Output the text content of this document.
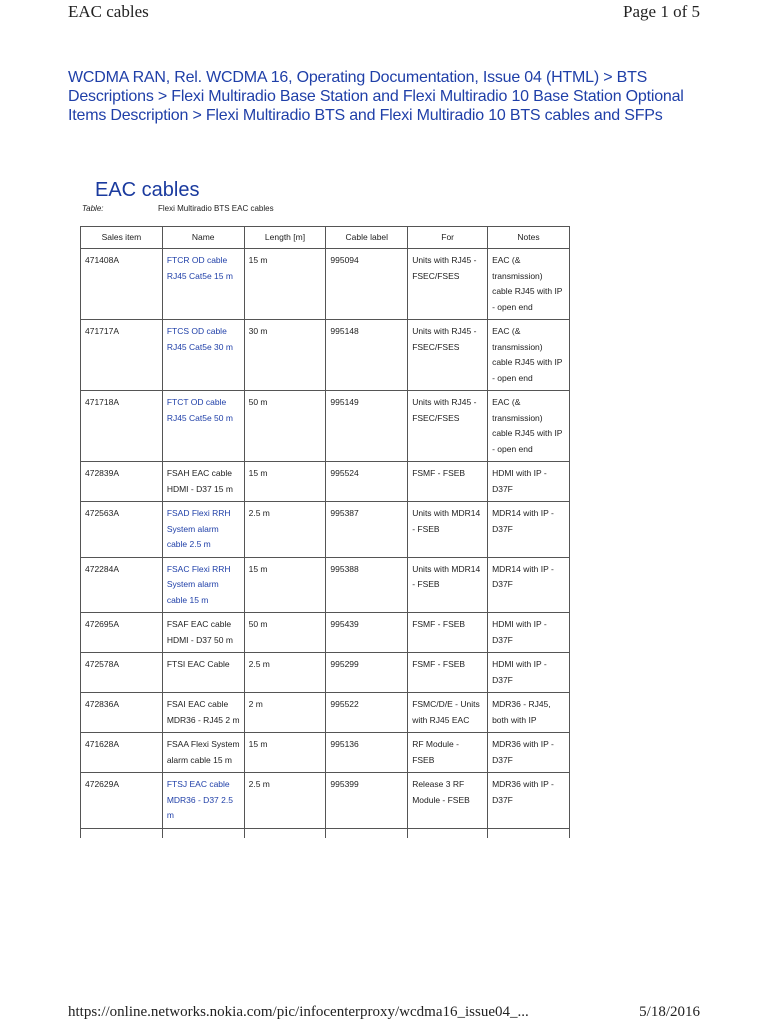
EAC cables	Page 1 of 5
WCDMA RAN, Rel. WCDMA 16, Operating Documentation, Issue 04 (HTML) > BTS Descriptions > Flexi Multiradio Base Station and Flexi Multiradio 10 Base Station Optional Items Description > Flexi Multiradio BTS and Flexi Multiradio 10 BTS cables and SFPs
EAC cables
Table:	Flexi Multiradio BTS EAC cables
Sales item	Name	Length [m]	Cable label	For	Notes
471408A	FTCR OD cable RJ45 Cat5e 15 m	15 m	995094	Units with RJ45 - FSEC/FSES	EAC (& transmission) cable RJ45 with IP - open end
471717A	FTCS OD cable RJ45 Cat5e 30 m	30 m	995148	Units with RJ45 - FSEC/FSES	EAC (& transmission) cable RJ45 with IP - open end
471718A	FTCT OD cable RJ45 Cat5e 50 m	50 m	995149	Units with RJ45 - FSEC/FSES	EAC (& transmission) cable RJ45 with IP - open end
472839A	FSAH EAC cable HDMI - D37 15 m	15 m	995524	FSMF - FSEB	HDMI with IP - D37F
472563A	FSAD Flexi RRH System alarm cable 2.5 m	2.5 m	995387	Units with MDR14 - FSEB	MDR14 with IP - D37F
472284A	FSAC Flexi RRH System alarm cable 15 m	15 m	995388	Units with MDR14 - FSEB	MDR14 with IP - D37F
472695A	FSAF EAC cable HDMI - D37 50 m	50 m	995439	FSMF - FSEB	HDMI with IP - D37F
472578A	FTSI EAC Cable	2.5 m	995299	FSMF - FSEB	HDMI with IP - D37F
472836A	FSAI EAC cable MDR36 - RJ45 2 m	2 m	995522	FSMC/D/E - Units with RJ45 EAC	MDR36 - RJ45, both with IP
471628A	FSAA Flexi System alarm cable 15 m	15 m	995136	RF Module - FSEB	MDR36 with IP - D37F
472629A	FTSJ EAC cable MDR36 - D37 2.5 m	2.5 m	995399	Release 3 RF Module - FSEB	MDR36 with IP - D37F

https://online.networks.nokia.com/pic/infocenterproxy/wcdma16_issue04_...	5/18/2016
